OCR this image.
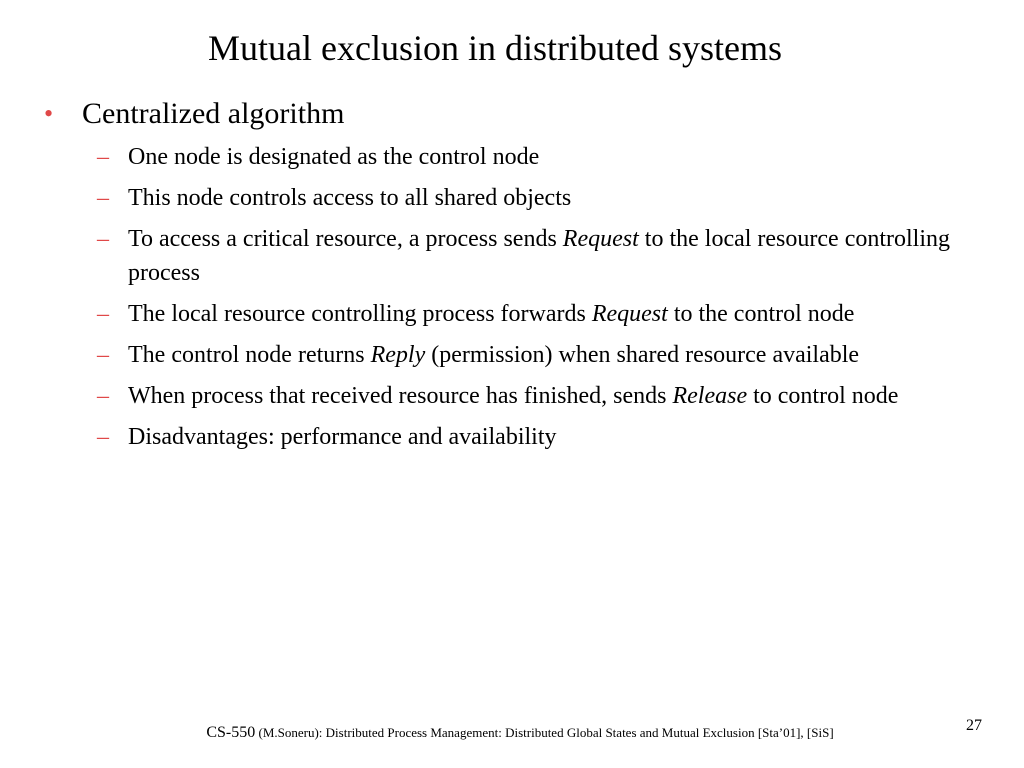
Mutual exclusion in distributed systems
• Centralized algorithm
– One node is designated as the control node
– This node controls access to all shared objects
– To access a critical resource, a process sends Request to the local resource controlling process
– The local resource controlling process forwards Request to the control node
– The control node returns Reply (permission) when shared resource available
– When process that received resource has finished, sends Release to control node
– Disadvantages: performance and availability
CS-550 (M.Soneru): Distributed Process Management: Distributed Global States and Mutual Exclusion [Sta’01], [SiS]	27
